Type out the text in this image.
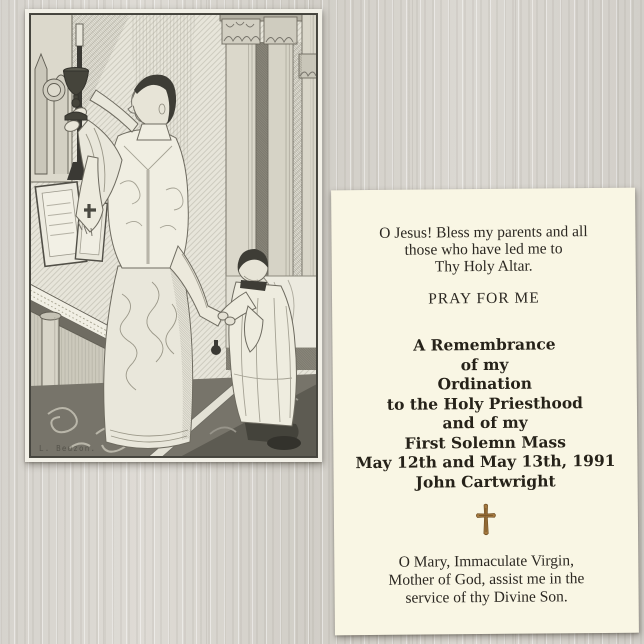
L. Beuzon.
O Jesus! Bless my parents and all
those who have led me to
Thy Holy Altar.
PRAY FOR ME
A Remembrance
of my
Ordination
to the Holy Priesthood
and of my
First Solemn Mass
May 12th and May 13th, 1991
John Cartwright
O Mary, Immaculate Virgin,
Mother of God, assist me in the
service of thy Divine Son.
